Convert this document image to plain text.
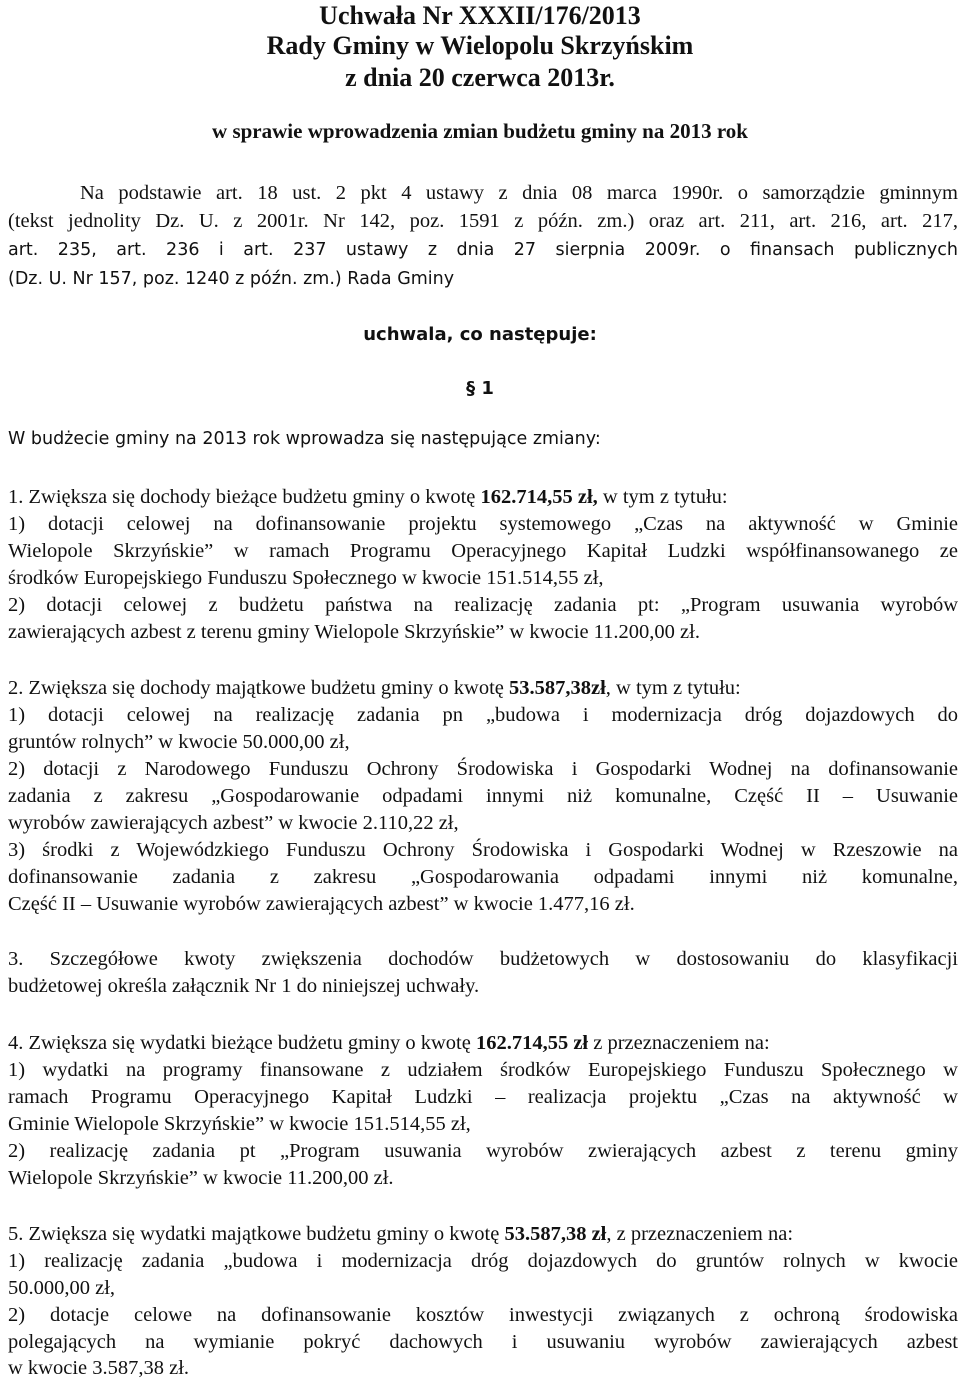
Uchwała Nr XXXII/176/2013
Rady Gminy w Wielopolu Skrzyńskim
z dnia 20 czerwca 2013r.
w sprawie wprowadzenia zmian budżetu gminy na 2013 rok
Na podstawie art. 18 ust. 2 pkt 4 ustawy z dnia 08 marca 1990r. o samorządzie gminnym
(tekst jednolity Dz. U. z 2001r. Nr 142, poz. 1591 z późn. zm.) oraz art. 211, art. 216, art. 217,
art. 235, art. 236 i art. 237 ustawy z dnia 27 sierpnia 2009r. o finansach publicznych
(Dz. U. Nr 157, poz. 1240 z późn. zm.) Rada Gminy
uchwala, co następuje:
§ 1
W budżecie gminy na 2013 rok wprowadza się następujące zmiany:
1. Zwiększa się dochody bieżące budżetu gminy o kwotę 162.714,55 zł, w tym z tytułu:
1) dotacji celowej na dofinansowanie projektu systemowego „Czas na aktywność w Gminie
Wielopole Skrzyńskie” w ramach Programu Operacyjnego Kapitał Ludzki współfinansowanego ze
środków Europejskiego Funduszu Społecznego w kwocie 151.514,55 zł,
2) dotacji celowej z budżetu państwa na realizację zadania pt: „Program usuwania wyrobów
zawierających azbest z terenu gminy Wielopole Skrzyńskie” w kwocie 11.200,00 zł.
2. Zwiększa się dochody majątkowe budżetu gminy o kwotę 53.587,38zł, w tym z tytułu:
1) dotacji celowej na realizację zadania pn „budowa i modernizacja dróg dojazdowych do
gruntów rolnych” w kwocie 50.000,00 zł,
2) dotacji z Narodowego Funduszu Ochrony Środowiska i Gospodarki Wodnej na dofinansowanie
zadania z zakresu „Gospodarowanie odpadami innymi niż komunalne, Część II – Usuwanie
wyrobów zawierających azbest” w kwocie 2.110,22 zł,
3) środki z Wojewódzkiego Funduszu Ochrony Środowiska i Gospodarki Wodnej w Rzeszowie na
dofinansowanie zadania z zakresu „Gospodarowania odpadami innymi niż komunalne,
Część II – Usuwanie wyrobów zawierających azbest” w kwocie 1.477,16 zł.
3. Szczegółowe kwoty zwiększenia dochodów budżetowych w dostosowaniu do klasyfikacji
budżetowej określa załącznik Nr 1 do niniejszej uchwały.
4. Zwiększa się wydatki bieżące budżetu gminy o kwotę 162.714,55 zł z przeznaczeniem na:
1) wydatki na programy finansowane z udziałem środków Europejskiego Funduszu Społecznego w
ramach Programu Operacyjnego Kapitał Ludzki – realizacja projektu „Czas na aktywność w
Gminie Wielopole Skrzyńskie” w kwocie 151.514,55 zł,
2) realizację zadania pt „Program usuwania wyrobów zwierających azbest z terenu gminy
Wielopole Skrzyńskie” w kwocie 11.200,00 zł.
5. Zwiększa się wydatki majątkowe budżetu gminy o kwotę 53.587,38 zł, z przeznaczeniem na:
1) realizację zadania „budowa i modernizacja dróg dojazdowych do gruntów rolnych w kwocie
50.000,00 zł,
2) dotacje celowe na dofinansowanie kosztów inwestycji związanych z ochroną środowiska
polegających na wymianie pokryć dachowych i usuwaniu wyrobów zawierających azbest
w kwocie 3.587,38 zł.
